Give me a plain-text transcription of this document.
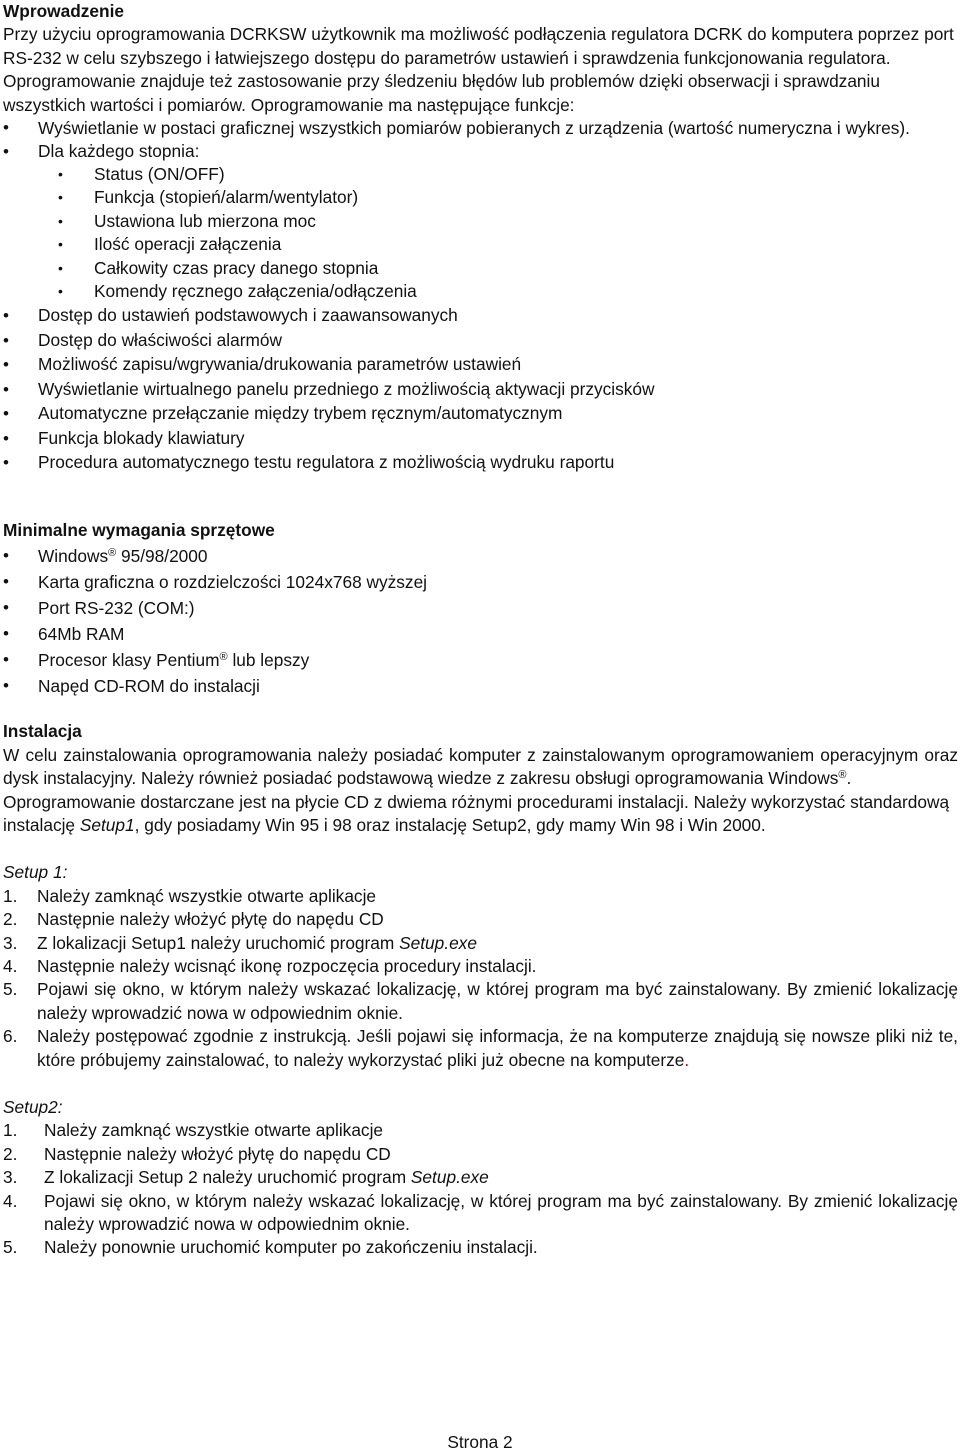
Wprowadzenie

Przy użyciu oprogramowania DCRKSW użytkownik ma możliwość podłączenia regulatora DCRK do komputera poprzez port RS-232 w celu szybszego i łatwiejszego dostępu do parametrów ustawień i sprawdzenia funkcjonowania regulatora. Oprogramowanie znajduje też zastosowanie przy śledzeniu błędów lub problemów dzięki obserwacji i sprawdzaniu wszystkich wartości i pomiarów. Oprogramowanie ma następujące funkcje:

• Wyświetlanie w postaci graficznej wszystkich pomiarów pobieranych z urządzenia (wartość numeryczna i wykres).
• Dla każdego stopnia:
• Status (ON/OFF)
• Funkcja (stopień/alarm/wentylator)
• Ustawiona lub mierzona moc
• Ilość operacji załączenia
• Całkowity czas pracy danego stopnia
• Komendy ręcznego załączenia/odłączenia
• Dostęp do ustawień podstawowych i zaawansowanych
• Dostęp do właściwości alarmów
• Możliwość zapisu/wgrywania/drukowania parametrów ustawień
• Wyświetlanie wirtualnego panelu przedniego z możliwością aktywacji przycisków
• Automatyczne przełączanie między trybem ręcznym/automatycznym
• Funkcja blokady klawiatury
• Procedura automatycznego testu regulatora z możliwością wydruku raportu

Minimalne wymagania sprzętowe

• Windows® 95/98/2000
• Karta graficzna o rozdzielczości 1024x768 wyższej
• Port RS-232 (COM:)
• 64Mb RAM
• Procesor klasy Pentium® lub lepszy
• Napęd CD-ROM do instalacji

Instalacja

W celu zainstalowania oprogramowania należy posiadać komputer z zainstalowanym oprogramowaniem operacyjnym oraz dysk instalacyjny. Należy również posiadać podstawową wiedze z zakresu obsługi oprogramowania Windows®.

Oprogramowanie dostarczane jest na płycie CD z dwiema różnymi procedurami instalacji. Należy wykorzystać standardową instalację Setup1, gdy posiadamy Win 95 i 98 oraz instalację Setup2, gdy mamy Win 98 i Win 2000.

Setup 1:

1. Należy zamknąć wszystkie otwarte aplikacje
2. Następnie należy włożyć płytę do napędu CD
3. Z lokalizacji Setup1 należy uruchomić program Setup.exe
4. Następnie należy wcisnąć ikonę rozpoczęcia procedury instalacji.
5. Pojawi się okno, w którym należy wskazać lokalizację, w której program ma być zainstalowany. By zmienić lokalizację należy wprowadzić nowa w odpowiednim oknie.
6. Należy postępować zgodnie z instrukcją. Jeśli pojawi się informacja, że na komputerze znajdują się nowsze pliki niż te, które próbujemy zainstalować, to należy wykorzystać pliki już obecne na komputerze.

Setup2:

1. Należy zamknąć wszystkie otwarte aplikacje
2. Następnie należy włożyć płytę do napędu CD
3. Z lokalizacji Setup 2 należy uruchomić program Setup.exe
4. Pojawi się okno, w którym należy wskazać lokalizację, w której program ma być zainstalowany. By zmienić lokalizację należy wprowadzić nowa w odpowiednim oknie.
5. Należy ponownie uruchomić komputer po zakończeniu instalacji.
Strona 2
